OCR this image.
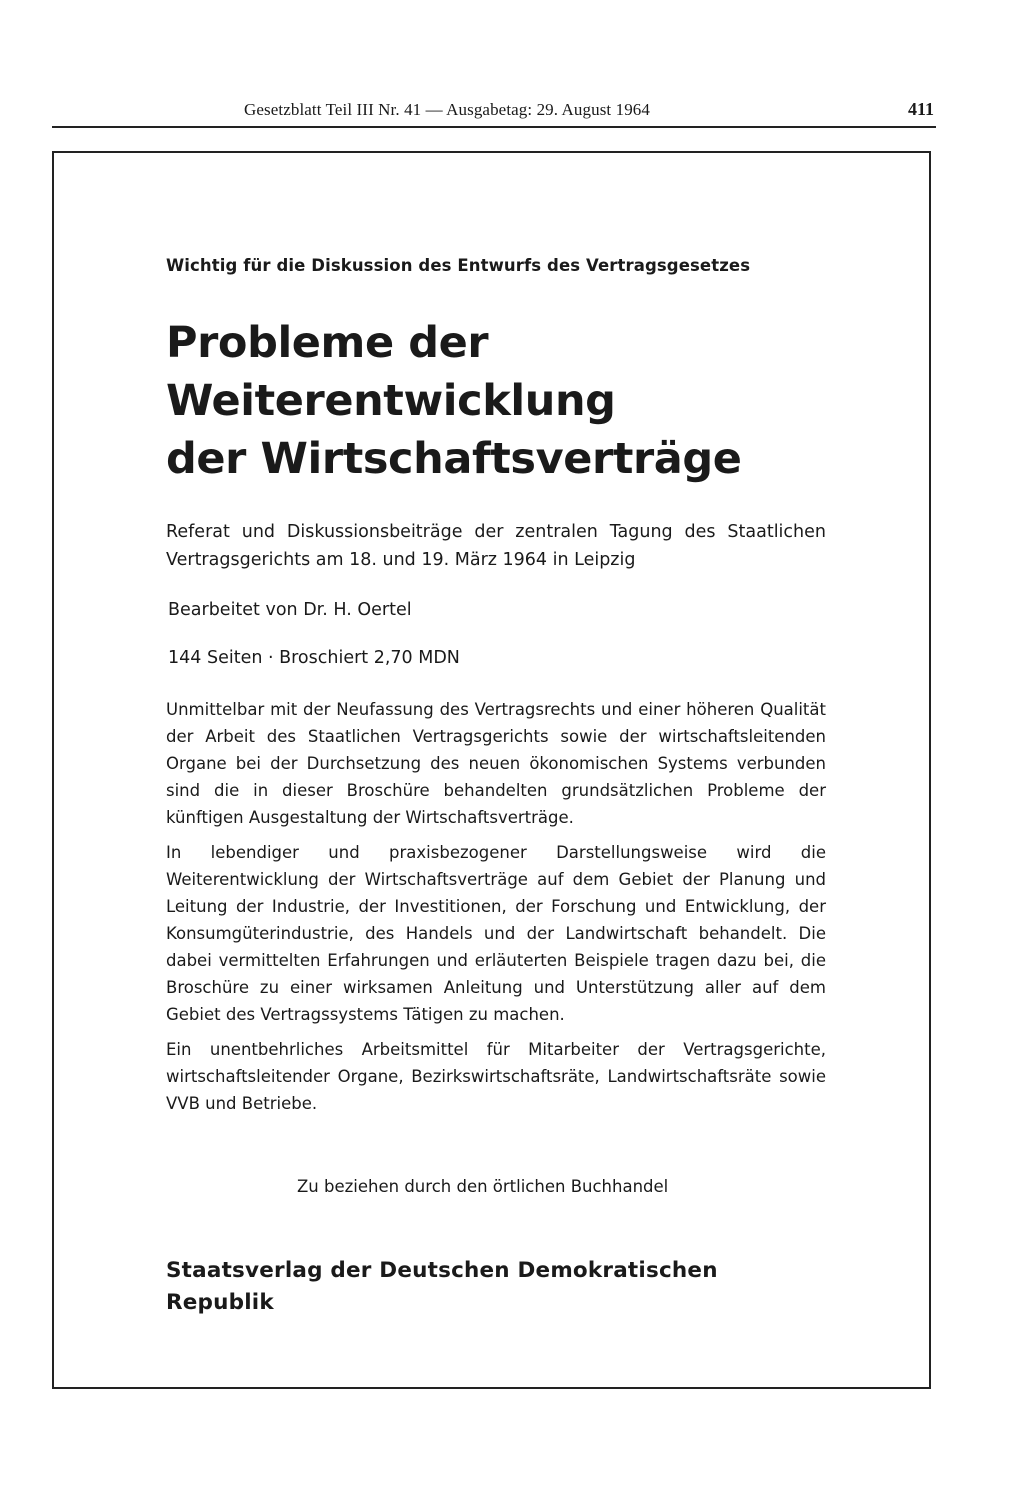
Gesetzblatt Teil III Nr. 41 — Ausgabetag: 29. August 1964	411

Wichtig für die Diskussion des Entwurfs des Vertragsgesetzes

Probleme der Weiterentwicklung
der Wirtschaftsverträge

Referat und Diskussionsbeiträge der zentralen Tagung des Staatlichen Vertragsgerichts am 18. und 19. März 1964 in Leipzig

Bearbeitet von Dr. H. Oertel

144 Seiten · Broschiert 2,70 MDN

Unmittelbar mit der Neufassung des Vertragsrechts und einer höheren Qualität der Arbeit des Staatlichen Vertragsgerichts sowie der wirtschaftsleitenden Organe bei der Durchsetzung des neuen ökonomischen Systems verbunden sind die in dieser Broschüre behandelten grundsätzlichen Probleme der künftigen Ausgestaltung der Wirtschaftsverträge.

In lebendiger und praxisbezogener Darstellungsweise wird die Weiterentwicklung der Wirtschaftsverträge auf dem Gebiet der Planung und Leitung der Industrie, der Investitionen, der Forschung und Entwicklung, der Konsumgüterindustrie, des Handels und der Landwirtschaft behandelt. Die dabei vermittelten Erfahrungen und erläuterten Beispiele tragen dazu bei, die Broschüre zu einer wirksamen Anleitung und Unterstützung aller auf dem Gebiet des Vertragssystems Tätigen zu machen.

Ein unentbehrliches Arbeitsmittel für Mitarbeiter der Vertragsgerichte, wirtschaftsleitender Organe, Bezirkswirtschaftsräte, Landwirtschaftsräte sowie VVB und Betriebe.

Zu beziehen durch den örtlichen Buchhandel

Staatsverlag der Deutschen Demokratischen Republik
